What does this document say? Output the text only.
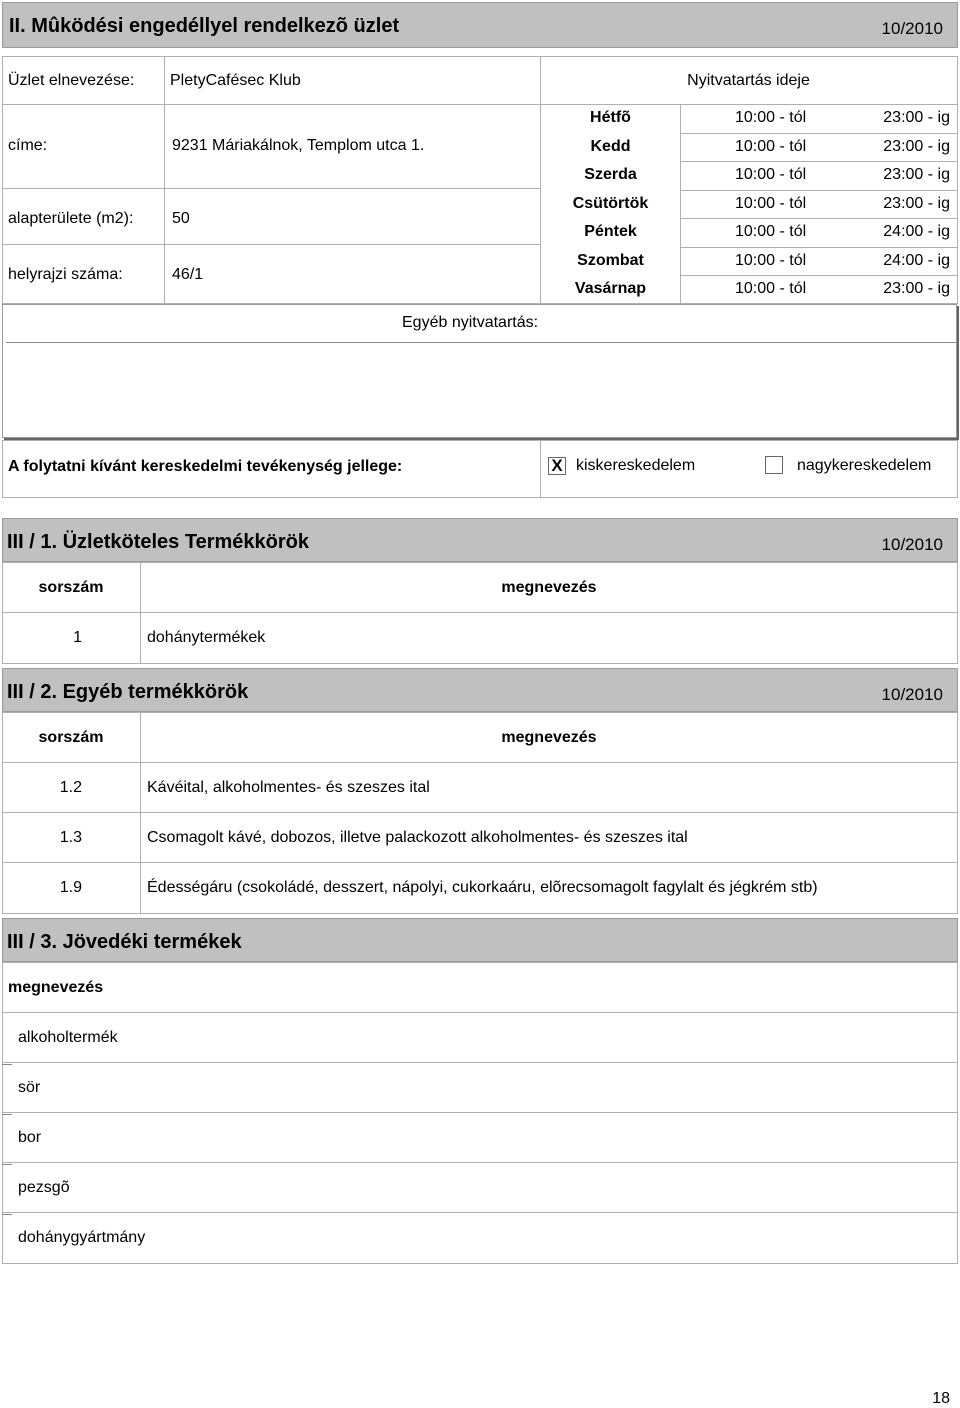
II. Mûködési engedéllyel rendelkezõ üzlet	10/2010
Üzlet elnevezése: PletyCafésec Klub
címe:	9231 Máriakálnok, Templom utca 1.
alapterülete (m2): 50
helyrajzi száma:	46/1
Nyitvatartás ideje
Hétfõ	10:00 - tól	23:00 - ig
Kedd	10:00 - tól	23:00 - ig
Szerda	10:00 - tól	23:00 - ig
Csütörtök	10:00 - tól	23:00 - ig
Péntek	10:00 - tól	24:00 - ig
Szombat	10:00 - tól	24:00 - ig
Vasárnap	10:00 - tól	23:00 - ig
Egyéb nyitvatartás:
A folytatni kívánt kereskedelmi tevékenység jellege:	X kiskereskedelem	nagykereskedelem
III / 1. Üzletköteles Termékkörök	10/2010
sorszám	megnevezés
1	dohánytermékek
III / 2. Egyéb termékkörök	10/2010
sorszám	megnevezés
1.2	Kávéital, alkoholmentes- és szeszes ital
1.3	Csomagolt kávé, dobozos, illetve palackozott alkoholmentes- és szeszes ital
1.9	Édességáru (csokoládé, desszert, nápolyi, cukorkaáru, elõrecsomagolt fagylalt és jégkrém stb)
III / 3. Jövedéki termékek
megnevezés
alkoholtermék
sör
bor
pezsgõ
dohánygyártmány
18
